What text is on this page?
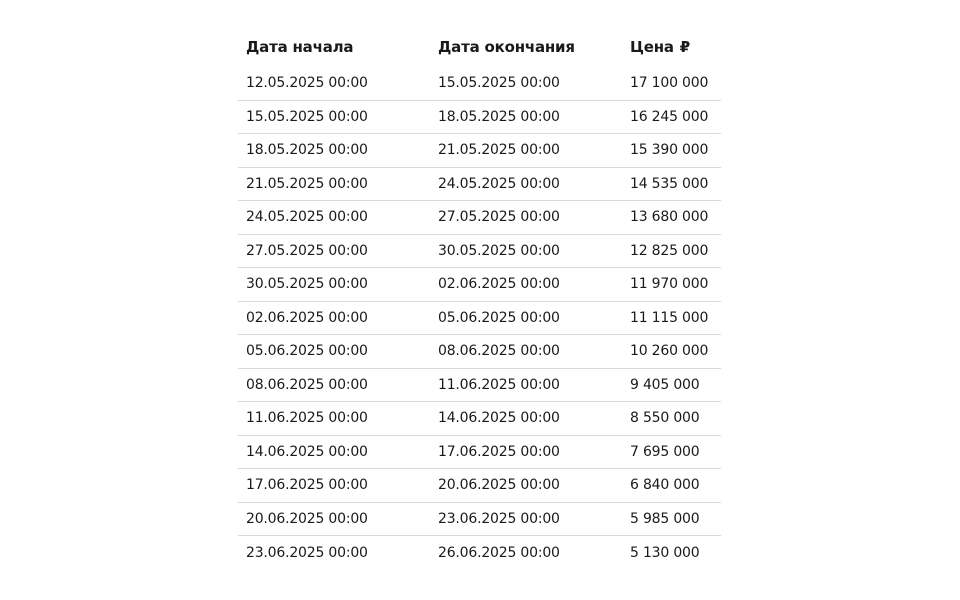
Дата начала	Дата окончания	Цена ₽
12.05.2025 00:00	15.05.2025 00:00	17 100 000
15.05.2025 00:00	18.05.2025 00:00	16 245 000
18.05.2025 00:00	21.05.2025 00:00	15 390 000
21.05.2025 00:00	24.05.2025 00:00	14 535 000
24.05.2025 00:00	27.05.2025 00:00	13 680 000
27.05.2025 00:00	30.05.2025 00:00	12 825 000
30.05.2025 00:00	02.06.2025 00:00	11 970 000
02.06.2025 00:00	05.06.2025 00:00	11 115 000
05.06.2025 00:00	08.06.2025 00:00	10 260 000
08.06.2025 00:00	11.06.2025 00:00	9 405 000
11.06.2025 00:00	14.06.2025 00:00	8 550 000
14.06.2025 00:00	17.06.2025 00:00	7 695 000
17.06.2025 00:00	20.06.2025 00:00	6 840 000
20.06.2025 00:00	23.06.2025 00:00	5 985 000
23.06.2025 00:00	26.06.2025 00:00	5 130 000
